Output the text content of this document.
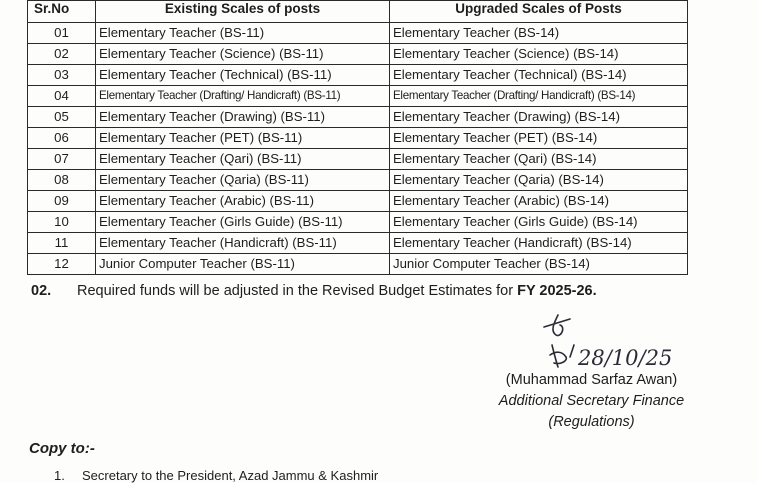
Sr.No	Existing Scales of posts	Upgraded Scales of Posts
01	Elementary Teacher (BS-11)	Elementary Teacher (BS-14)
02	Elementary Teacher (Science) (BS-11)	Elementary Teacher (Science) (BS-14)
03	Elementary Teacher (Technical) (BS-11)	Elementary Teacher (Technical) (BS-14)
04	Elementary Teacher (Drafting/ Handicraft) (BS-11)	Elementary Teacher (Drafting/ Handicraft) (BS-14)
05	Elementary Teacher (Drawing) (BS-11)	Elementary Teacher (Drawing) (BS-14)
06	Elementary Teacher (PET) (BS-11)	Elementary Teacher (PET) (BS-14)
07	Elementary Teacher (Qari) (BS-11)	Elementary Teacher (Qari) (BS-14)
08	Elementary Teacher (Qaria) (BS-11)	Elementary Teacher (Qaria) (BS-14)
09	Elementary Teacher (Arabic) (BS-11)	Elementary Teacher (Arabic) (BS-14)
10	Elementary Teacher (Girls Guide) (BS-11)	Elementary Teacher (Girls Guide) (BS-14)
11	Elementary Teacher (Handicraft) (BS-11)	Elementary Teacher (Handicraft) (BS-14)
12	Junior Computer Teacher (BS-11)	Junior Computer Teacher (BS-14)
02. Required funds will be adjusted in the Revised Budget Estimates for FY 2025-26.
28/10/25
(Muhammad Sarfaz Awan)
Additional Secretary Finance
(Regulations)
Copy to:-
1. Secretary to the President, Azad Jammu & Kashmir
